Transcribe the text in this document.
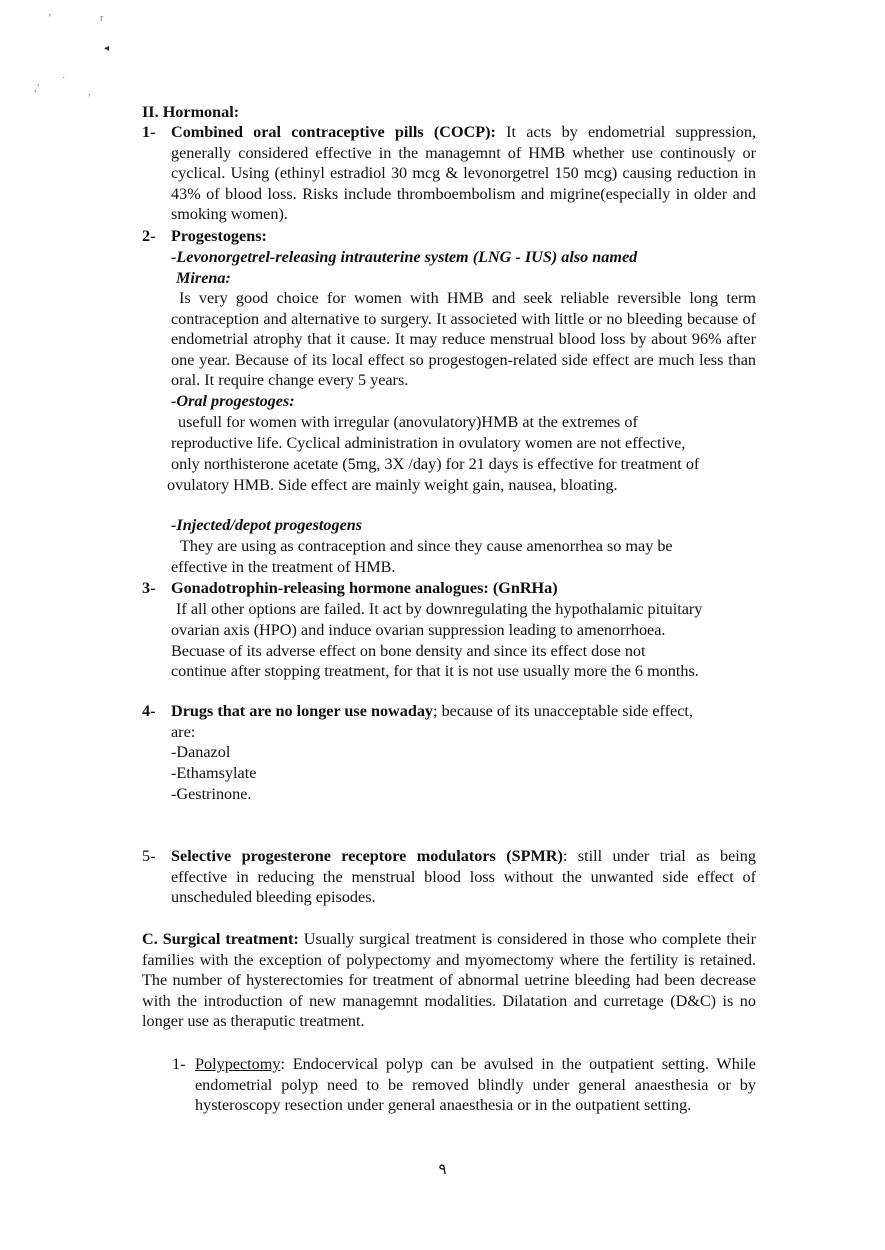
’	r
◂
,’
·
,
II. Hormonal:
1- Combined oral contraceptive pills (COCP): It acts by endometrial suppression, generally considered effective in the managemnt of HMB whether use continously or cyclical. Using (ethinyl estradiol 30 mcg & levonorgetrel 150 mcg) causing reduction in 43% of blood loss. Risks include thromboembolism and migrine(especially in older and smoking women).
2- Progestogens:
-Levonorgetrel-releasing intrauterine system (LNG - IUS) also named
Mirena:
Is very good choice for women with HMB and seek reliable reversible long term contraception and alternative to surgery. It associeted with little or no bleeding because of endometrial atrophy that it cause. It may reduce menstrual blood loss by about 96% after one year. Because of its local effect so progestogen-related side effect are much less than oral. It require change every 5 years.
-Oral progestoges:
usefull for women with irregular (anovulatory)HMB at the extremes of
reproductive life. Cyclical administration in ovulatory women are not effective,
only northisterone acetate (5mg, 3X /day) for 21 days is effective for treatment of
ovulatory HMB. Side effect are mainly weight gain, nausea, bloating.
-Injected/depot progestogens
They are using as contraception and since they cause amenorrhea so may be
effective in the treatment of HMB.
3- Gonadotrophin-releasing hormone analogues: (GnRHa)
If all other options are failed. It act by downregulating the hypothalamic pituitary
ovarian axis (HPO) and induce ovarian suppression leading to amenorrhoea.
Becuase of its adverse effect on bone density and since its effect dose not
continue after stopping treatment, for that it is not use usually more the 6 months.
4- Drugs that are no longer use nowaday; because of its unacceptable side effect,
are:
-Danazol
-Ethamsylate
-Gestrinone.
5- Selective progesterone receptore modulators (SPMR): still under trial as being effective in reducing the menstrual blood loss without the unwanted side effect of unscheduled bleeding episodes.
C. Surgical treatment: Usually surgical treatment is considered in those who complete their families with the exception of polypectomy and myomectomy where the fertility is retained. The number of hysterectomies for treatment of abnormal uetrine bleeding had been decrease with the introduction of new managemnt modalities. Dilatation and curretage (D&C) is no longer use as theraputic treatment.
1- Polypectomy: Endocervical polyp can be avulsed in the outpatient setting. While endometrial polyp need to be removed blindly under general anaesthesia or by hysteroscopy resection under general anaesthesia or in the outpatient setting.
٩
